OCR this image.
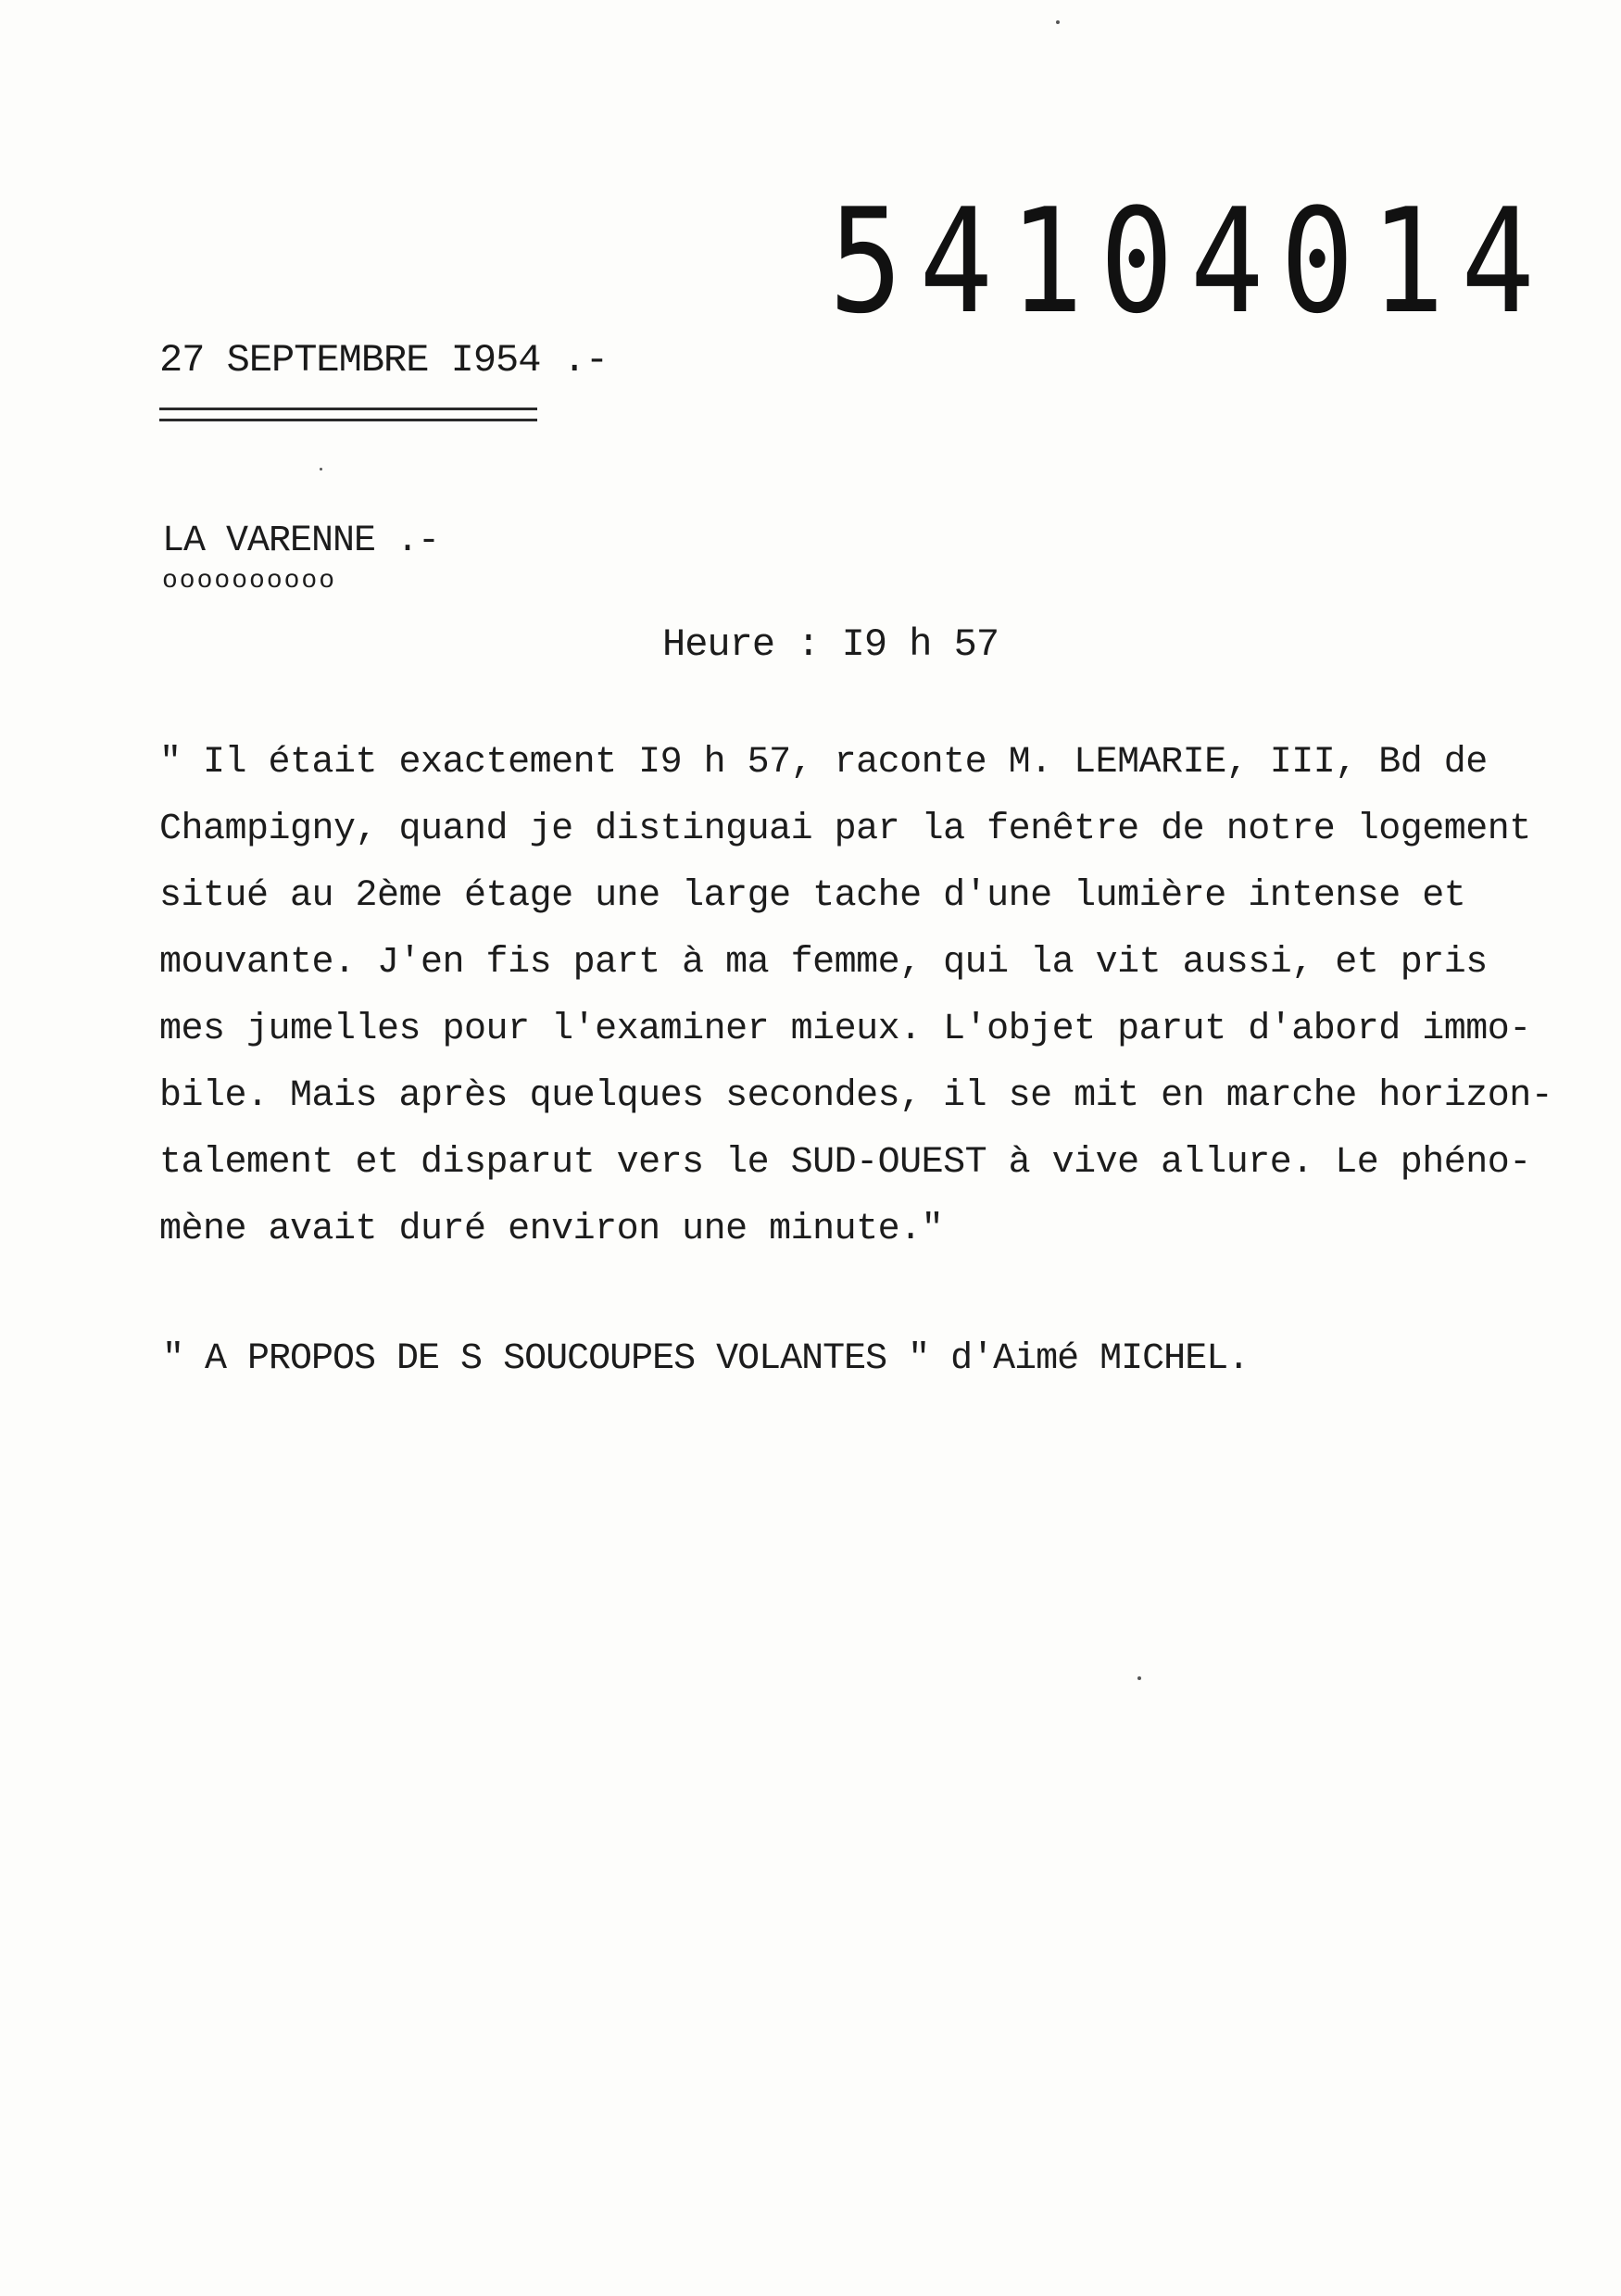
54104014
27 SEPTEMBRE I954 .-
LA VARENNE .-
oooooooooo
Heure : I9 h 57
" Il était exactement I9 h 57, raconte M. LEMARIE, III, Bd de
Champigny, quand je distinguai par la fenêtre de notre logement
situé au 2ème étage une large tache d'une lumière intense et
mouvante. J'en fis part à ma femme, qui la vit aussi, et pris
mes jumelles pour l'examiner mieux. L'objet parut d'abord immo-
bile. Mais après quelques secondes, il se mit en marche horizon-
talement et disparut vers le SUD-OUEST à vive allure. Le phéno-
mène avait duré environ une minute."
" A PROPOS DE S SOUCOUPES VOLANTES " d'Aimé MICHEL.
